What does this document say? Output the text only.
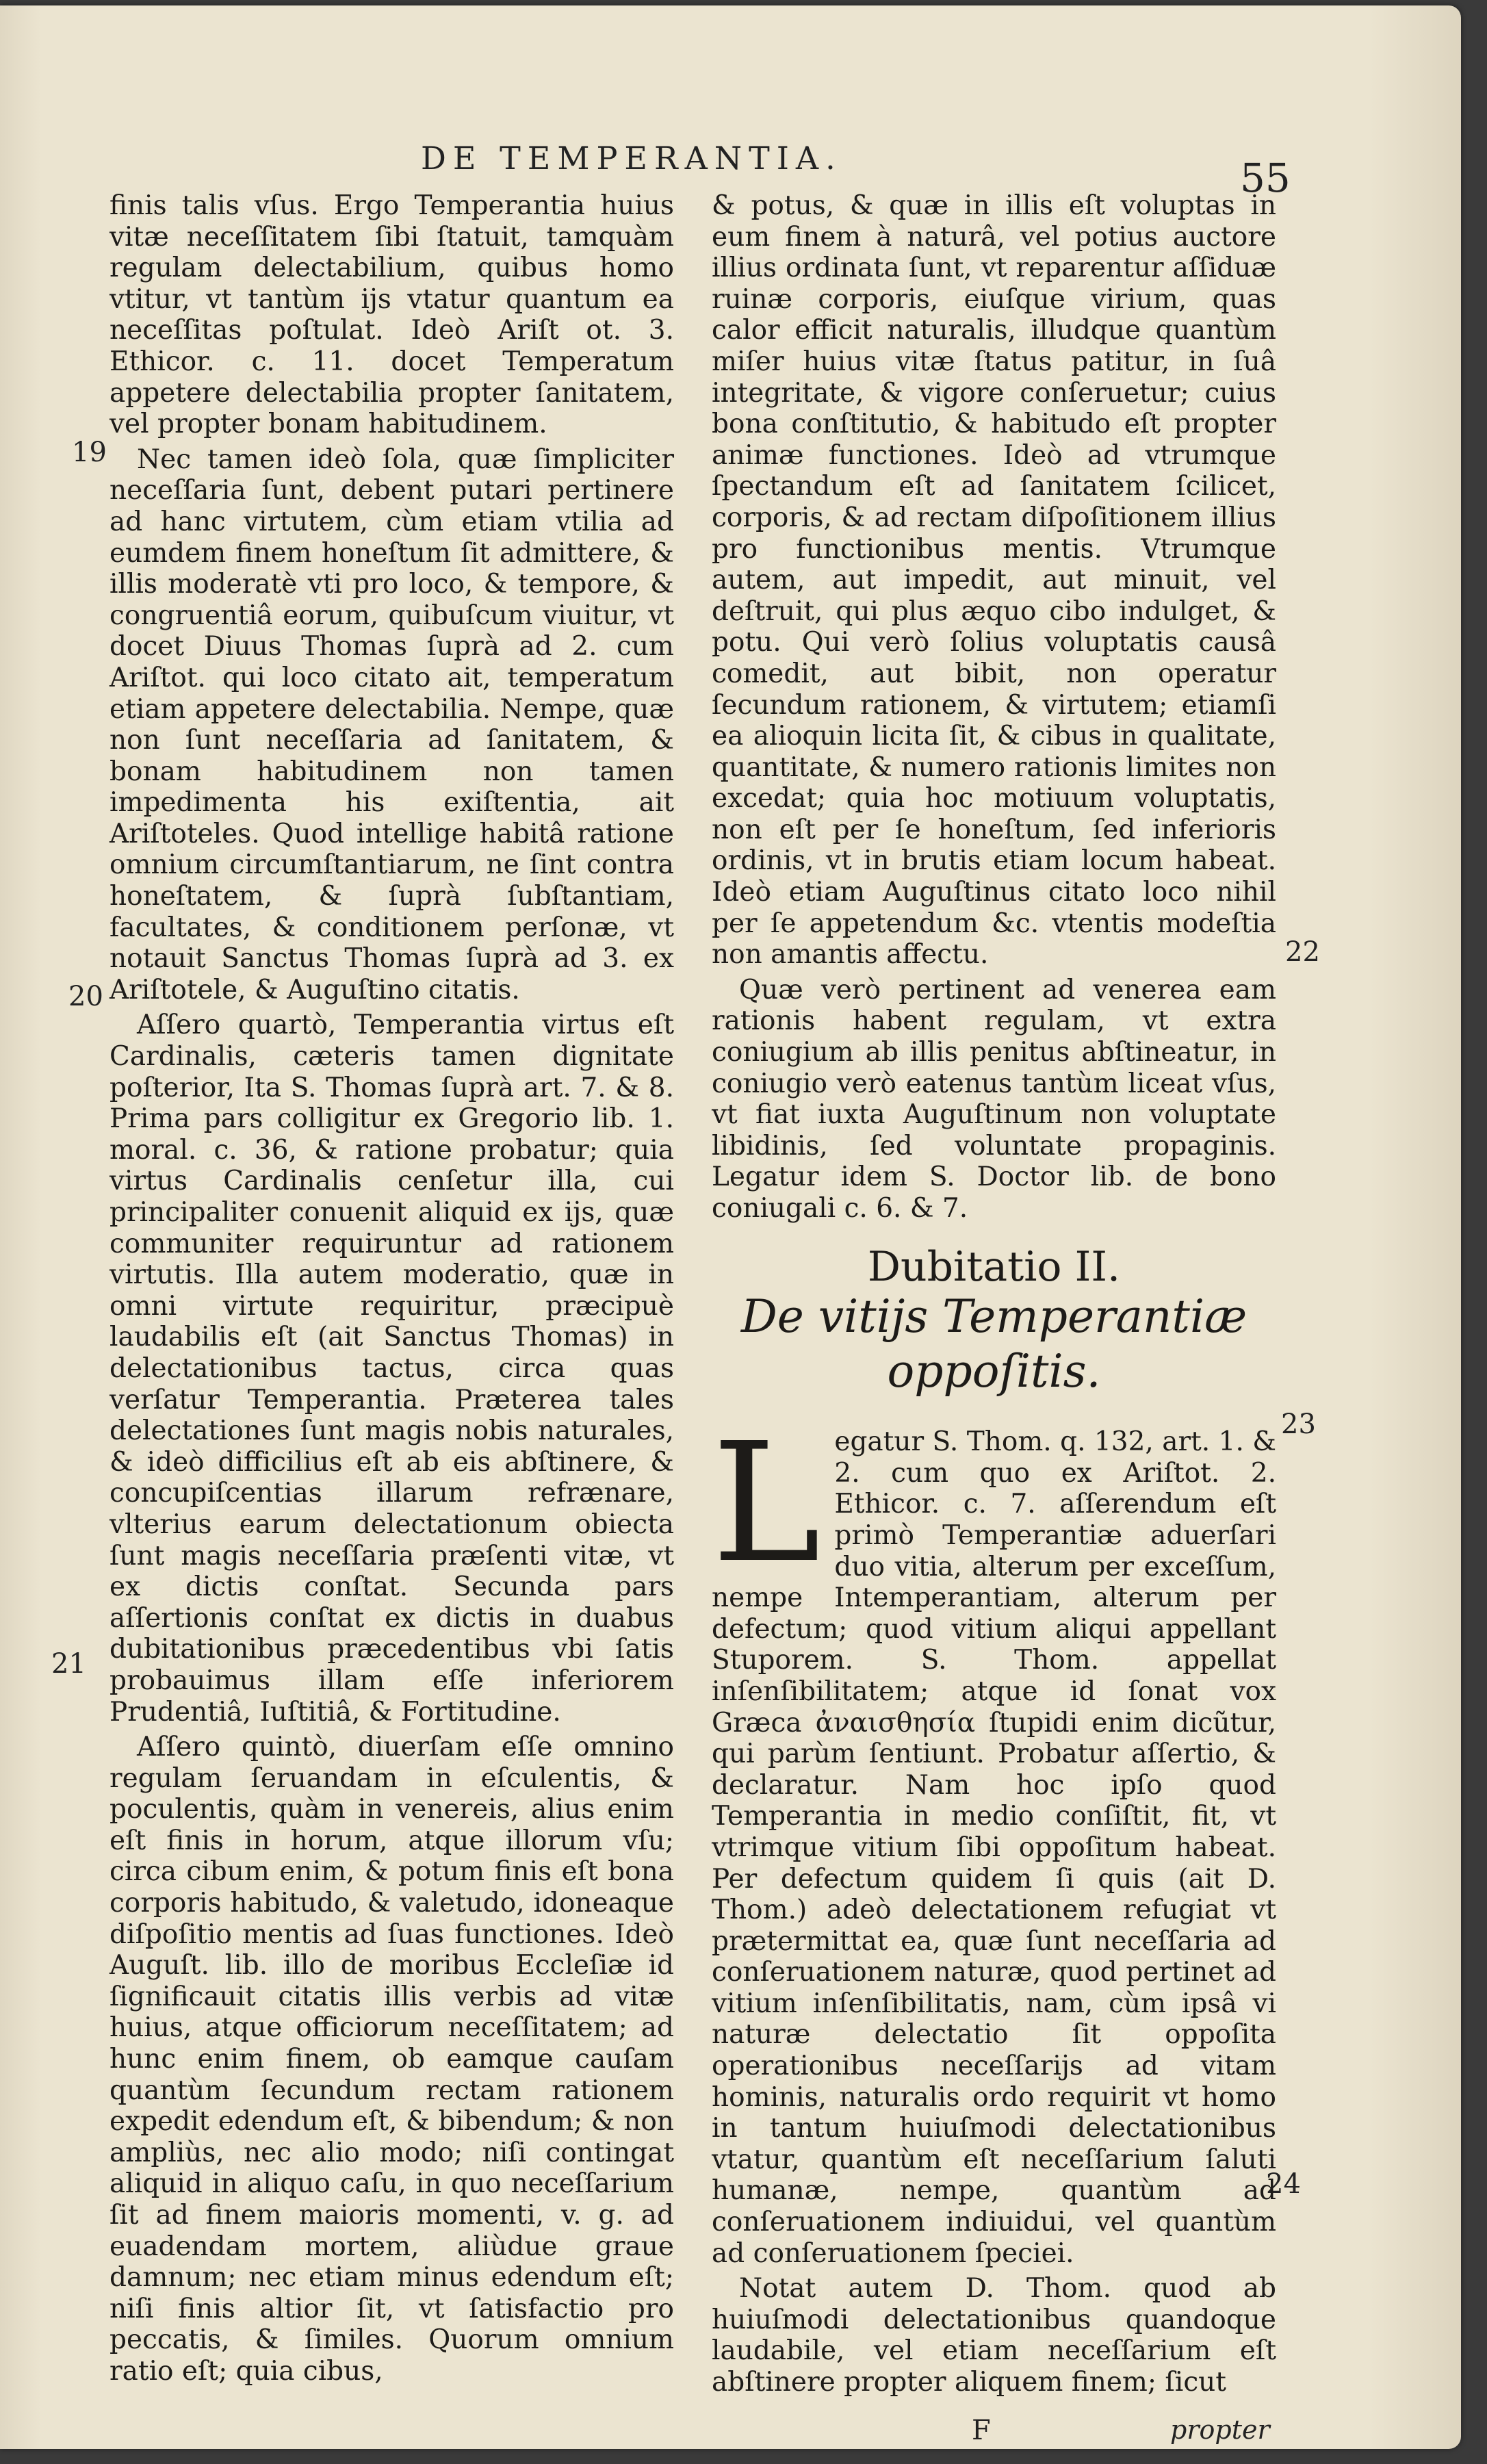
DE TEMPERANTIA.	55
19
20
21
22
23
24

finis talis vſus. Ergo Temperantia huius vitæ neceſſitatem ſibi ſtatuit, tamquàm regulam delectabilium, quibus homo vtitur, vt tantùm ijs vtatur quantum ea neceſſitas poſtulat. Ideò Ariſt ot. 3. Ethicor. c. 11. docet Temperatum appetere delectabilia propter ſanitatem, vel propter bonam habitudinem.

Nec tamen ideò ſola, quæ ſimpliciter neceſſaria ſunt, debent putari pertinere ad hanc virtutem, cùm etiam vtilia ad eumdem finem honeſtum ſit admittere, & illis moderatè vti pro loco, & tempore, & congruentiâ eorum, quibuſcum viuitur, vt docet Diuus Thomas ſuprà ad 2. cum Ariſtot. qui loco citato ait, temperatum etiam appetere delectabilia. Nempe, quæ non ſunt neceſſaria ad ſanitatem, & bonam habitudinem non tamen impedimenta his exiſtentia, ait Ariſtoteles. Quod intellige habitâ ratione omnium circumſtantiarum, ne ſint contra honeſtatem, & ſuprà ſubſtantiam, facultates, & conditionem perſonæ, vt notauit Sanctus Thomas ſuprà ad 3. ex Ariſtotele, & Auguſtino citatis.

Aſſero quartò, Temperantia virtus eſt Cardinalis, cæteris tamen dignitate poſterior, Ita S. Thomas ſuprà art. 7. & 8. Prima pars colligitur ex Gregorio lib. 1. moral. c. 36, & ratione probatur; quia virtus Cardinalis cenſetur illa, cui principaliter conuenit aliquid ex ijs, quæ communiter requiruntur ad rationem virtutis. Illa autem moderatio, quæ in omni virtute requiritur, præcipuè laudabilis eſt (ait Sanctus Thomas) in delectationibus tactus, circa quas verſatur Temperantia. Præterea tales delectationes ſunt magis nobis naturales, & ideò difficilius eſt ab eis abſtinere, & concupiſcentias illarum refrænare, vlterius earum delectationum obiecta ſunt magis neceſſaria præſenti vitæ, vt ex dictis conſtat. Secunda pars aſſertionis conſtat ex dictis in duabus dubitationibus præcedentibus vbi ſatis probauimus illam eſſe inferiorem Prudentiâ, Iuſtitiâ, & Fortitudine.

Aſſero quintò, diuerſam eſſe omnino regulam ſeruandam in eſculentis, & poculentis, quàm in venereis, alius enim eſt finis in horum, atque illorum vſu; circa cibum enim, & potum finis eſt bona corporis habitudo, & valetudo, idoneaque diſpoſitio mentis ad ſuas functiones. Ideò Auguſt. lib. illo de moribus Eccleſiæ id ſignificauit citatis illis verbis ad vitæ huius, atque officiorum neceſſitatem; ad hunc enim finem, ob eamque cauſam quantùm ſecundum rectam rationem expedit edendum eſt, & bibendum; & non ampliùs, nec alio modo; niſi contingat aliquid in aliquo caſu, in quo neceſſarium ſit ad finem maioris momenti, v. g. ad euadendam mortem, aliùdue graue damnum; nec etiam minus edendum eſt; niſi finis altior ſit, vt ſatisfactio pro peccatis, & ſimiles. Quorum omnium ratio eſt; quia cibus,

& potus, & quæ in illis eſt voluptas in eum finem à naturâ, vel potius auctore illius ordinata ſunt, vt reparentur aſſiduæ ruinæ corporis, eiuſque virium, quas calor efficit naturalis, illudque quantùm miſer huius vitæ ſtatus patitur, in ſuâ integritate, & vigore conſeruetur; cuius bona conſtitutio, & habitudo eſt propter animæ functiones. Ideò ad vtrumque ſpectandum eſt ad ſanitatem ſcilicet, corporis, & ad rectam diſpoſitionem illius pro functionibus mentis. Vtrumque autem, aut impedit, aut minuit, vel deſtruit, qui plus æquo cibo indulget, & potu. Qui verò ſolius voluptatis causâ comedit, aut bibit, non operatur ſecundum rationem, & virtutem; etiamſi ea alioquin licita ſit, & cibus in qualitate, quantitate, & numero rationis limites non excedat; quia hoc motiuum voluptatis, non eſt per ſe honeſtum, ſed inferioris ordinis, vt in brutis etiam locum habeat. Ideò etiam Auguſtinus citato loco nihil per ſe appetendum &c. vtentis modeſtia non amantis affectu.

Quæ verò pertinent ad venerea eam rationis habent regulam, vt extra coniugium ab illis penitus abſtineatur, in coniugio verò eatenus tantùm liceat vſus, vt fiat iuxta Auguſtinum non voluptate libidinis, ſed voluntate propaginis. Legatur idem S. Doctor lib. de bono coniugali c. 6. & 7.

Dubitatio II.
De vitijs Temperantiæ oppoſitis.
L egatur S. Thom. q. 132, art. 1. & 2. cum quo ex Ariſtot. 2. Ethicor. c. 7. aſſerendum eſt primò Temperantiæ aduerſari duo vitia, alterum per exceſſum, nempe Intemperantiam, alterum per defectum; quod vitium aliqui appellant Stuporem. S. Thom. appellat inſenſibilitatem; atque id ſonat vox Græca ἀναισθησία ſtupidi enim dicũtur, qui parùm ſentiunt. Probatur aſſertio, & declaratur. Nam hoc ipſo quod Temperantia in medio conſiſtit, fit, vt vtrimque vitium ſibi oppoſitum habeat. Per defectum quidem ſi quis (ait D. Thom.) adeò delectationem refugiat vt prætermittat ea, quæ ſunt neceſſaria ad conſeruationem naturæ, quod pertinet ad vitium inſenſibilitatis, nam, cùm ipsâ vi naturæ delectatio ſit oppoſita operationibus neceſſarijs ad vitam hominis, naturalis ordo requirit vt homo in tantum huiuſmodi delectationibus vtatur, quantùm eſt neceſſarium ſaluti humanæ, nempe, quantùm ad conſeruationem indiuidui, vel quantùm ad conſeruationem ſpeciei.

Notat autem D. Thom. quod ab huiuſmodi delectationibus quandoque laudabile, vel etiam neceſſarium eſt abſtinere propter aliquem finem; ſicut

F	propter
